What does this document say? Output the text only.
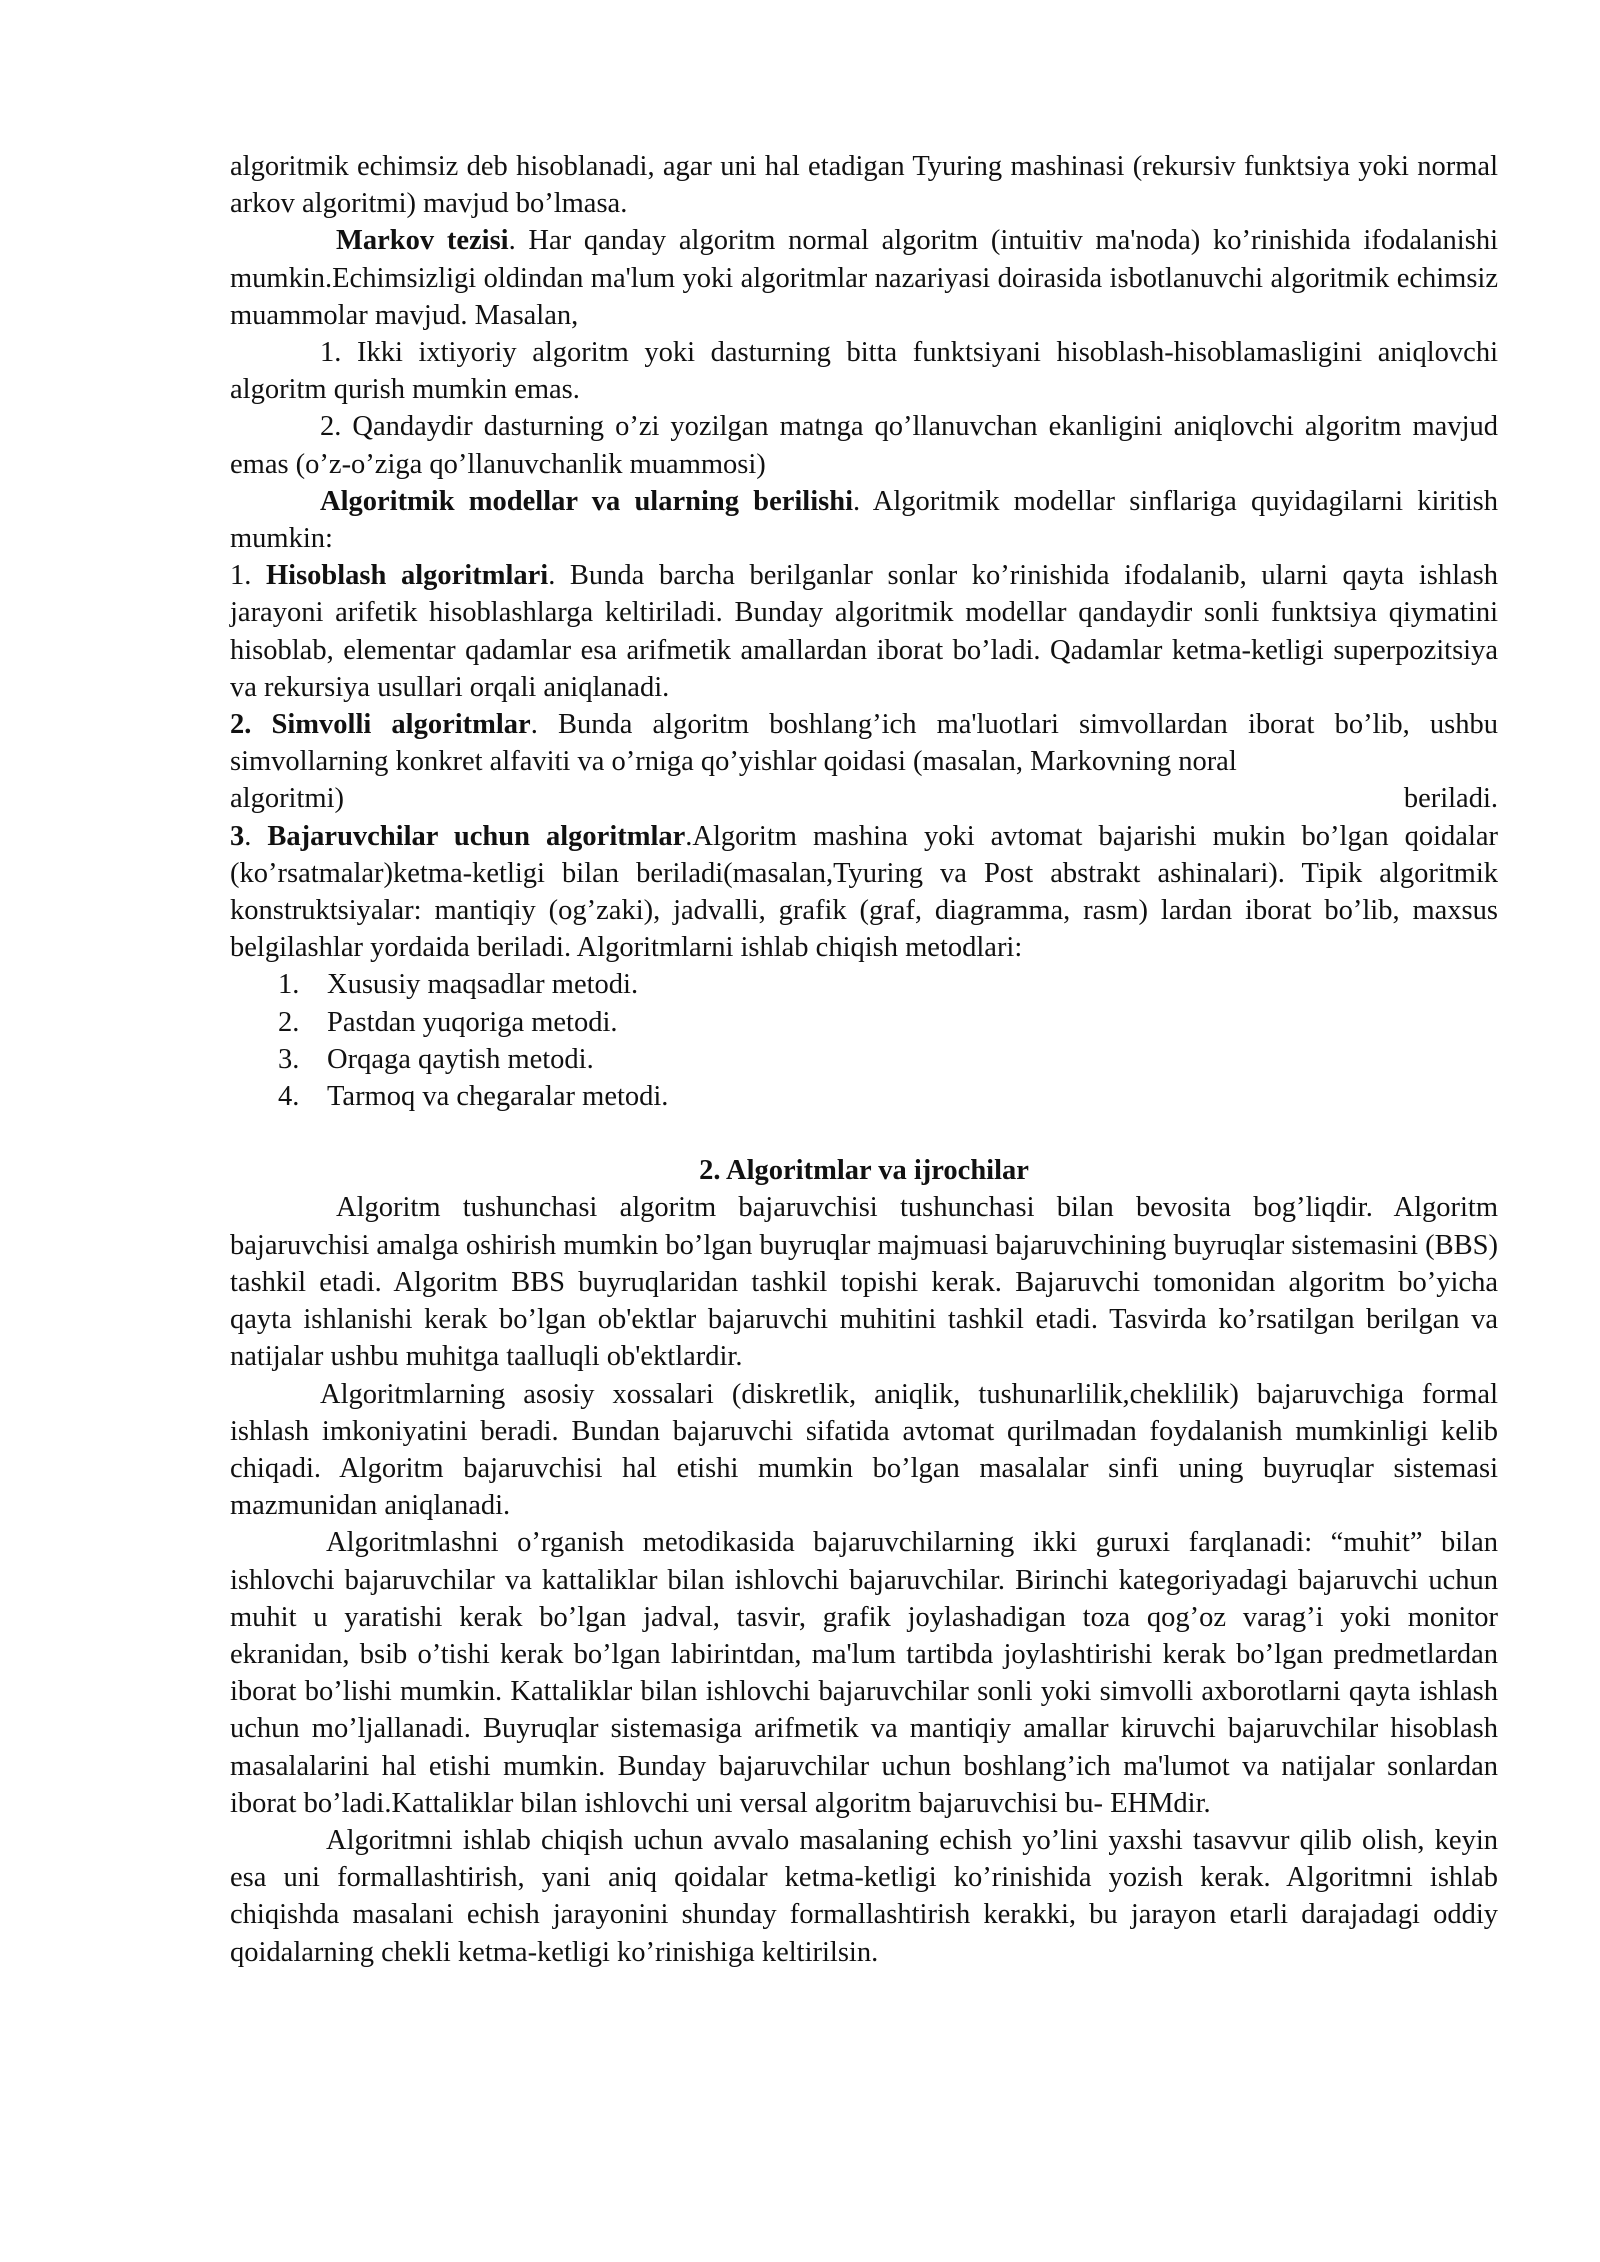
algoritmik echimsiz deb hisoblanadi, agar uni hal etadigan Tyuring mashinasi (rekursiv funktsiya yoki normal arkov algoritmi) mavjud bo’lmasa.

Markov tezisi. Har qanday algoritm normal algoritm (intuitiv ma'noda) ko’rinishida ifodalanishi mumkin.Echimsizligi oldindan ma'lum yoki algoritmlar nazariyasi doirasida isbotlanuvchi algoritmik echimsiz muammolar mavjud. Masalan,

1. Ikki ixtiyoriy algoritm yoki dasturning bitta funktsiyani hisoblash-hisoblamasligini aniqlovchi algoritm qurish mumkin emas.

2. Qandaydir dasturning o’zi yozilgan matnga qo’llanuvchan ekanligini aniqlovchi algoritm mavjud emas (o’z-o’ziga qo’llanuvchanlik muammosi)

Algoritmik modellar va ularning berilishi. Algoritmik modellar sinflariga quyidagilarni kiritish mumkin:

1. Hisoblash algoritmlari. Bunda barcha berilganlar sonlar ko’rinishida ifodalanib, ularni qayta ishlash jarayoni arifetik hisoblashlarga keltiriladi. Bunday algoritmik modellar qandaydir sonli funktsiya qiymatini hisoblab, elementar qadamlar esa arifmetik amallardan iborat bo’ladi. Qadamlar ketma-ketligi superpozitsiya va rekursiya usullari orqali aniqlanadi.

2. Simvolli algoritmlar. Bunda algoritm boshlang’ich ma'luotlari simvollardan iborat bo’lib, ushbu simvollarning konkret alfaviti va o’rniga qo’yishlar qoidasi (masalan, Markovning noral

algoritmi)	beriladi.

3. Bajaruvchilar uchun algoritmlar.Algoritm mashina yoki avtomat bajarishi mukin bo’lgan qoidalar (ko’rsatmalar)ketma-ketligi bilan beriladi(masalan,Tyuring va Post abstrakt ashinalari). Tipik algoritmik konstruktsiyalar: mantiqiy (og’zaki), jadvalli, grafik (graf, diagramma, rasm) lardan iborat bo’lib, maxsus belgilashlar yordaida beriladi. Algoritmlarni ishlab chiqish metodlari:

1. Xususiy maqsadlar metodi.
2. Pastdan yuqoriga metodi.
3. Orqaga qaytish metodi.
4. Tarmoq va chegaralar metodi.

2. Algoritmlar va ijrochilar

Algoritm tushunchasi algoritm bajaruvchisi tushunchasi bilan bevosita bog’liqdir. Algoritm bajaruvchisi amalga oshirish mumkin bo’lgan buyruqlar majmuasi bajaruvchining buyruqlar sistemasini (BBS) tashkil etadi. Algoritm BBS buyruqlaridan tashkil topishi kerak. Bajaruvchi tomonidan algoritm bo’yicha qayta ishlanishi kerak bo’lgan ob'ektlar bajaruvchi muhitini tashkil etadi. Tasvirda ko’rsatilgan berilgan va natijalar ushbu muhitga taalluqli ob'ektlardir.

Algoritmlarning asosiy xossalari (diskretlik, aniqlik, tushunarlilik,cheklilik) bajaruvchiga formal ishlash imkoniyatini beradi. Bundan bajaruvchi sifatida avtomat qurilmadan foydalanish mumkinligi kelib chiqadi. Algoritm bajaruvchisi hal etishi mumkin bo’lgan masalalar sinfi uning buyruqlar sistemasi mazmunidan aniqlanadi.

Algoritmlashni o’rganish metodikasida bajaruvchilarning ikki guruxi farqlanadi: “muhit” bilan ishlovchi bajaruvchilar va kattaliklar bilan ishlovchi bajaruvchilar. Birinchi kategoriyadagi bajaruvchi uchun muhit u yaratishi kerak bo’lgan jadval, tasvir, grafik joylashadigan toza qog’oz varag’i yoki monitor ekranidan, bsib o’tishi kerak bo’lgan labirintdan, ma'lum tartibda joylashtirishi kerak bo’lgan predmetlardan iborat bo’lishi mumkin. Kattaliklar bilan ishlovchi bajaruvchilar sonli yoki simvolli axborotlarni qayta ishlash uchun mo’ljallanadi. Buyruqlar sistemasiga arifmetik va mantiqiy amallar kiruvchi bajaruvchilar hisoblash masalalarini hal etishi mumkin. Bunday bajaruvchilar uchun boshlang’ich ma'lumot va natijalar sonlardan iborat bo’ladi.Kattaliklar bilan ishlovchi uni versal algoritm bajaruvchisi bu- EHMdir.

Algoritmni ishlab chiqish uchun avvalo masalaning echish yo’lini yaxshi tasavvur qilib olish, keyin esa uni formallashtirish, yani aniq qoidalar ketma-ketligi ko’rinishida yozish kerak. Algoritmni ishlab chiqishda masalani echish jarayonini shunday formallashtirish kerakki, bu jarayon etarli darajadagi oddiy qoidalarning chekli ketma-ketligi ko’rinishiga keltirilsin.
